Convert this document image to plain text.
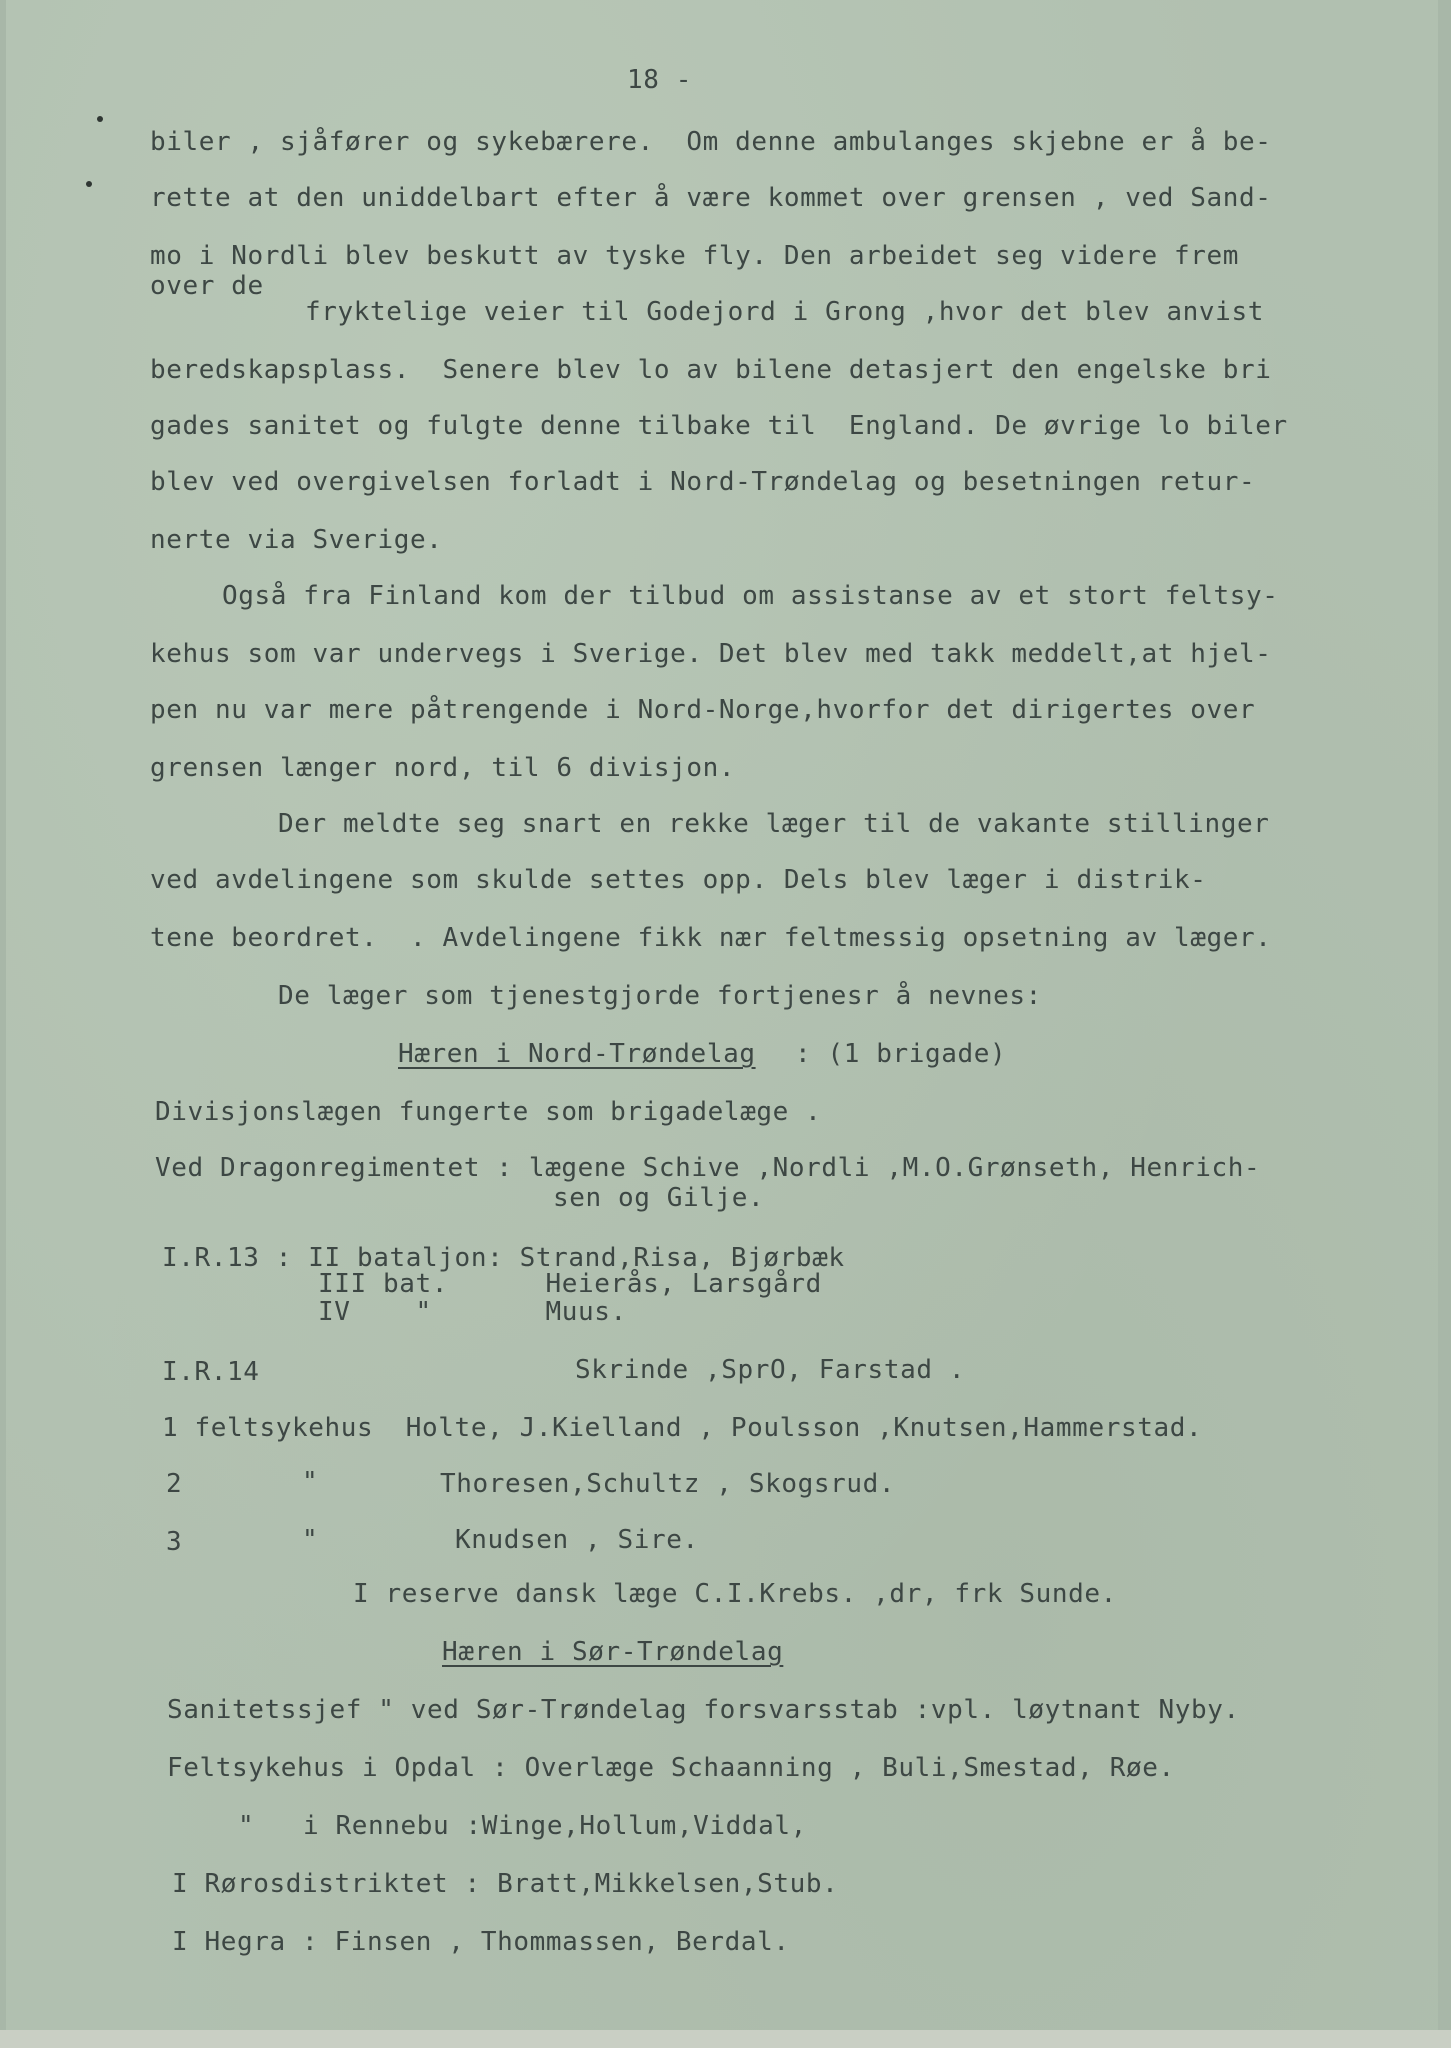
18 -
biler , sjåfører og sykebærere.  Om denne ambulanges skjebne er å be-
rette at den uniddelbart efter å være kommet over grensen , ved Sand-
mo i Nordli blev beskutt av tyske fly. Den arbeidet seg videre frem
over de
fryktelige veier til Godejord i Grong ,hvor det blev anvist
beredskapsplass.  Senere blev lo av bilene detasjert den engelske bri
gades sanitet og fulgte denne tilbake til  England. De øvrige lo biler
blev ved overgivelsen forladt i Nord-Trøndelag og besetningen retur-
nerte via Sverige.
Også fra Finland kom der tilbud om assistanse av et stort feltsy-
kehus som var undervegs i Sverige. Det blev med takk meddelt,at hjel-
pen nu var mere påtrengende i Nord-Norge,hvorfor det dirigertes over
grensen længer nord, til 6 divisjon.
Der meldte seg snart en rekke læger til de vakante stillinger
ved avdelingene som skulde settes opp. Dels blev læger i distrik-
tene beordret.  . Avdelingene fikk nær feltmessig opsetning av læger.
De læger som tjenestgjorde fortjenesr å nevnes:
Hæren i Nord-Trøndelag : (1 brigade)
Divisjonslægen fungerte som brigadelæge .
Ved Dragonregimentet : lægene Schive ,Nordli ,M.O.Grønseth, Henrich-
sen og Gilje.
I.R.13 : II bataljon: Strand,Risa, Bjørbæk
III bat.      Heierås, Larsgård
IV    "       Muus.
I.R.14	Skrinde ,SprO, Farstad .
1 feltsykehus  Holte, J.Kielland , Poulsson ,Knutsen,Hammerstad.
2	"	Thoresen,Schultz , Skogsrud.
3	"	Knudsen , Sire.
I reserve dansk læge C.I.Krebs. ,dr, frk Sunde.
Hæren i Sør-Trøndelag
Sanitetssjef " ved Sør-Trøndelag forsvarsstab :vpl. løytnant Nyby.
Feltsykehus i Opdal : Overlæge Schaanning , Buli,Smestad, Røe.
"   i Rennebu :Winge,Hollum,Viddal,
I Rørosdistriktet : Bratt,Mikkelsen,Stub.
I Hegra : Finsen , Thommassen, Berdal.
